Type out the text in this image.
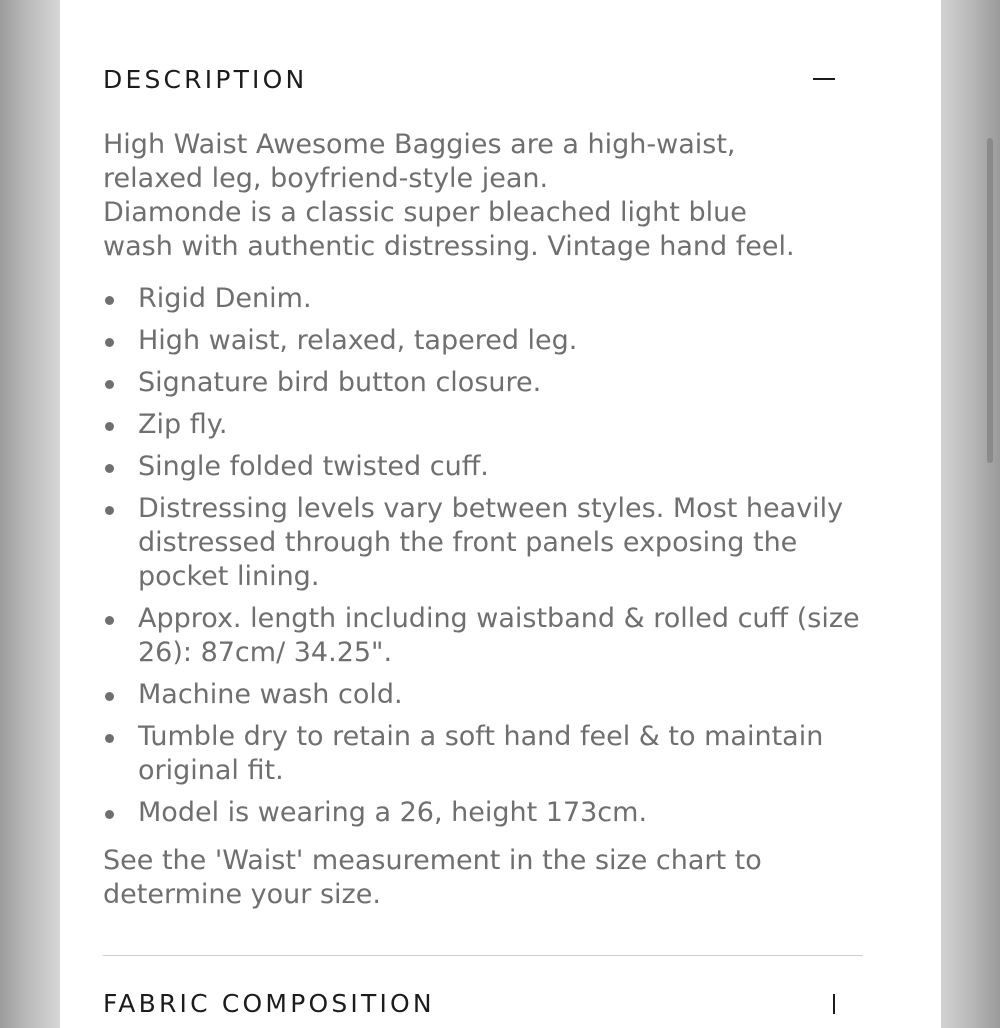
DESCRIPTION

High Waist Awesome Baggies are a high-waist,
relaxed leg, boyfriend-style jean.
Diamonde is a classic super bleached light blue
wash with authentic distressing. Vintage hand feel.

Rigid Denim.
High waist, relaxed, tapered leg.
Signature bird button closure.
Zip fly.
Single folded twisted cuff.
Distressing levels vary between styles. Most heavily distressed through the front panels exposing the pocket lining.
Approx. length including waistband & rolled cuff (size 26): 87cm/ 34.25".
Machine wash cold.
Tumble dry to retain a soft hand feel & to maintain original fit.
Model is wearing a 26, height 173cm.

See the 'Waist' measurement in the size chart to determine your size.

FABRIC COMPOSITION
